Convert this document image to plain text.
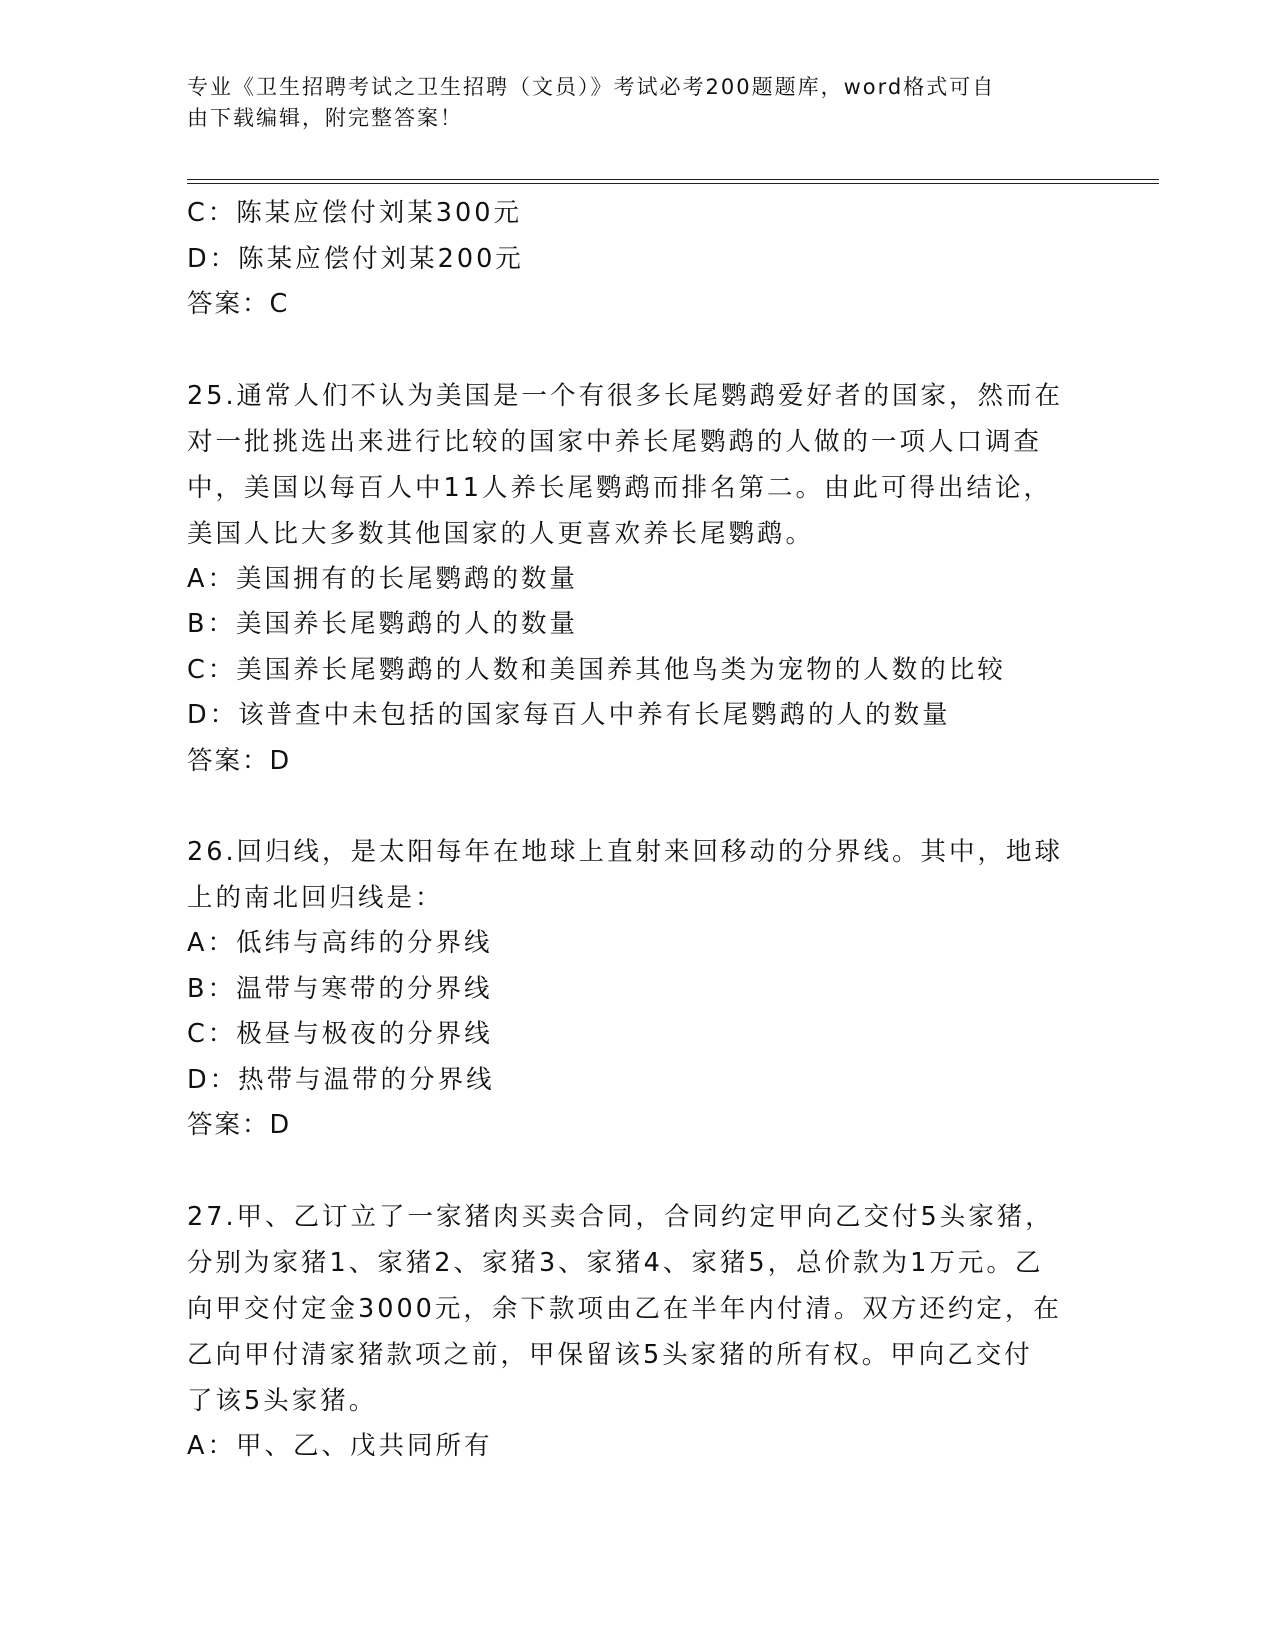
专业《卫生招聘考试之卫生招聘（文员）》考试必考200题题库，word格式可自
由下载编辑，附完整答案！
C：陈某应偿付刘某300元
D：陈某应偿付刘某200元
答案：C
25.通常人们不认为美国是一个有很多长尾鹦鹉爱好者的国家，然而在
对一批挑选出来进行比较的国家中养长尾鹦鹉的人做的一项人口调查
中，美国以每百人中11人养长尾鹦鹉而排名第二。由此可得出结论，
美国人比大多数其他国家的人更喜欢养长尾鹦鹉。
A：美国拥有的长尾鹦鹉的数量
B：美国养长尾鹦鹉的人的数量
C：美国养长尾鹦鹉的人数和美国养其他鸟类为宠物的人数的比较
D：该普查中未包括的国家每百人中养有长尾鹦鹉的人的数量
答案：D
26.回归线，是太阳每年在地球上直射来回移动的分界线。其中，地球
上的南北回归线是：
A：低纬与高纬的分界线
B：温带与寒带的分界线
C：极昼与极夜的分界线
D：热带与温带的分界线
答案：D
27.甲、乙订立了一家猪肉买卖合同，合同约定甲向乙交付5头家猪，
分别为家猪1、家猪2、家猪3、家猪4、家猪5，总价款为1万元。乙
向甲交付定金3000元，余下款项由乙在半年内付清。双方还约定，在
乙向甲付清家猪款项之前，甲保留该5头家猪的所有权。甲向乙交付
了该5头家猪。
A：甲、乙、戊共同所有
